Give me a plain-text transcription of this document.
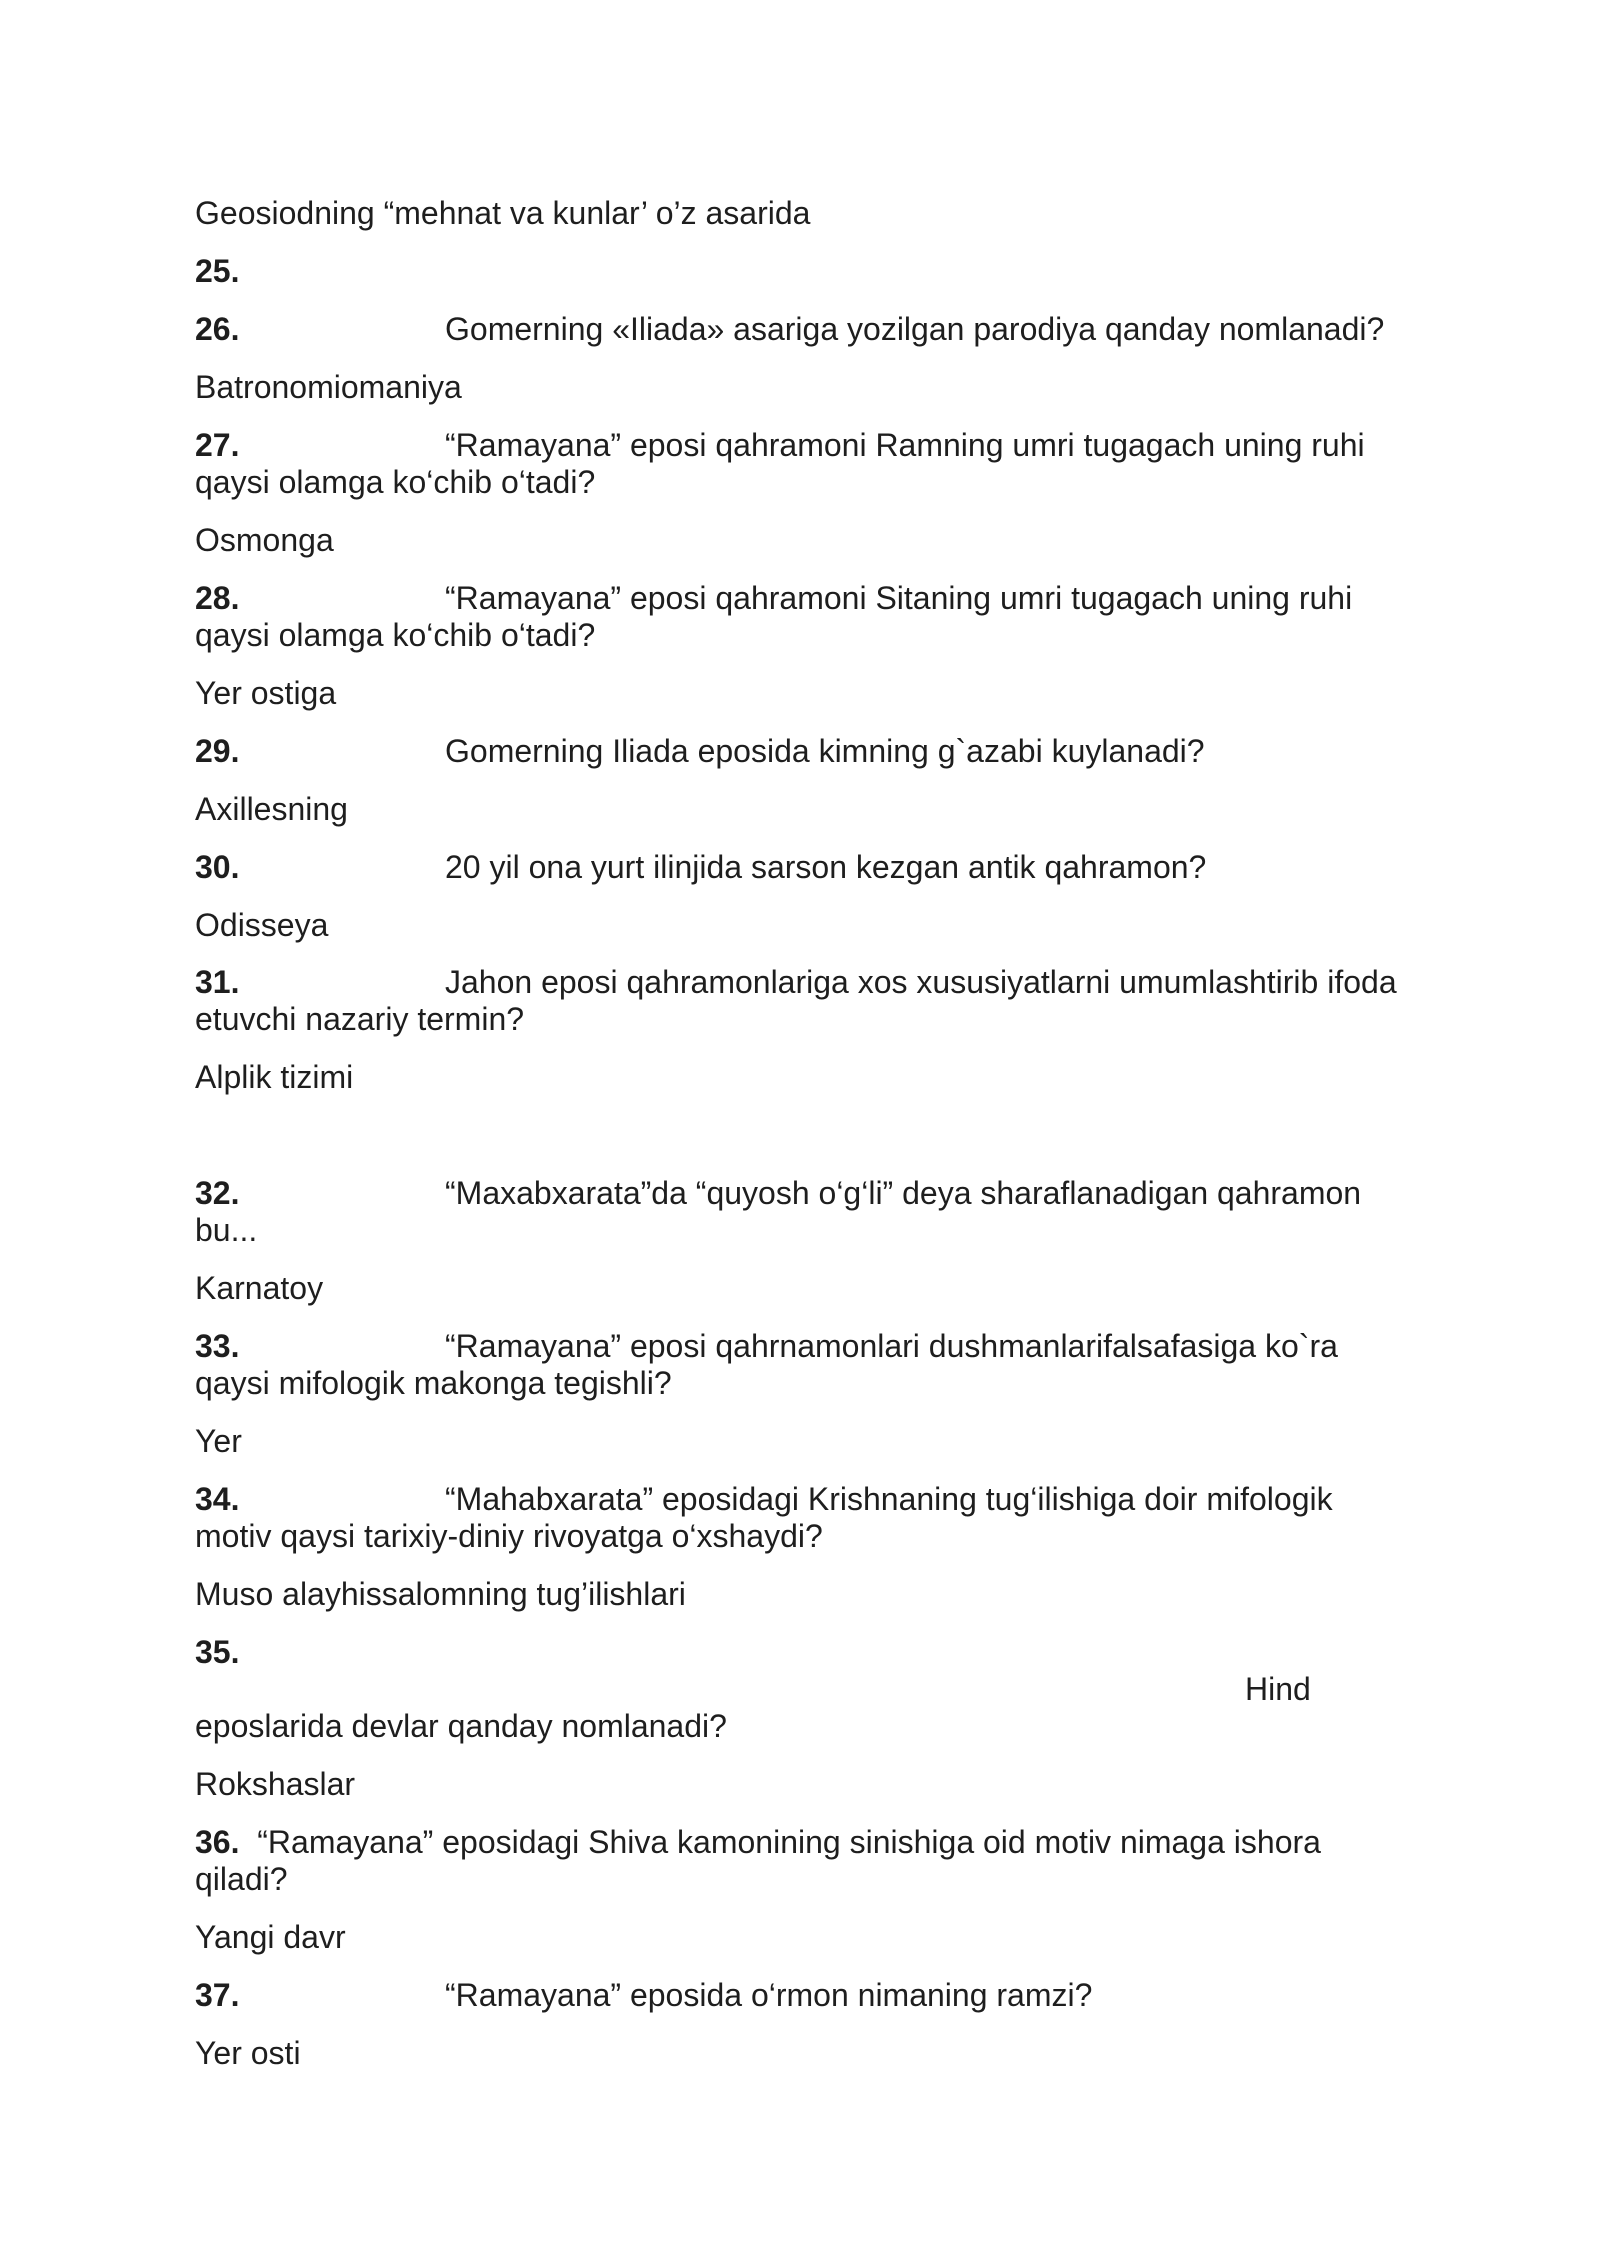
Geosiodning “mehnat va kunlar’ o’z asarida
25.
26.	Gomerning «Iliada» asariga yozilgan parodiya qanday nomlanadi?
Batronomiomaniya
27.	“Ramayana” eposi qahramoni Ramning umri tugagach uning ruhi
qaysi olamga ko‘chib o‘tadi?
Osmonga
28.	“Ramayana” eposi qahramoni Sitaning umri tugagach uning ruhi
qaysi olamga ko‘chib o‘tadi?
Yer ostiga
29.	Gomerning Iliada eposida kimning g`azabi kuylanadi?
Axillesning
30.	20 yil ona yurt ilinjida sarson kezgan antik qahramon?
Odisseya
31.	Jahon eposi qahramonlariga xos xususiyatlarni umumlashtirib ifoda
etuvchi nazariy termin?
Alplik tizimi
32.	“Maxabxarata”da “quyosh o‘g‘li” deya sharaflanadigan qahramon
bu...
Karnatoy
33.	“Ramayana” eposi qahrnamonlari dushmanlarifalsafasiga ko`ra
qaysi mifologik makonga tegishli?
Yer
34.	“Mahabxarata” eposidagi Krishnaning tug‘ilishiga doir mifologik
motiv qaysi tarixiy-diniy rivoyatga o‘xshaydi?
Muso alayhissalomning tug’ilishlari
35.
Hind
eposlarida devlar qanday nomlanadi?
Rokshaslar
36. “Ramayana” eposidagi Shiva kamonining sinishiga oid motiv nimaga ishora
qiladi?
Yangi davr
37.	“Ramayana” eposida o‘rmon nimaning ramzi?
Yer osti
